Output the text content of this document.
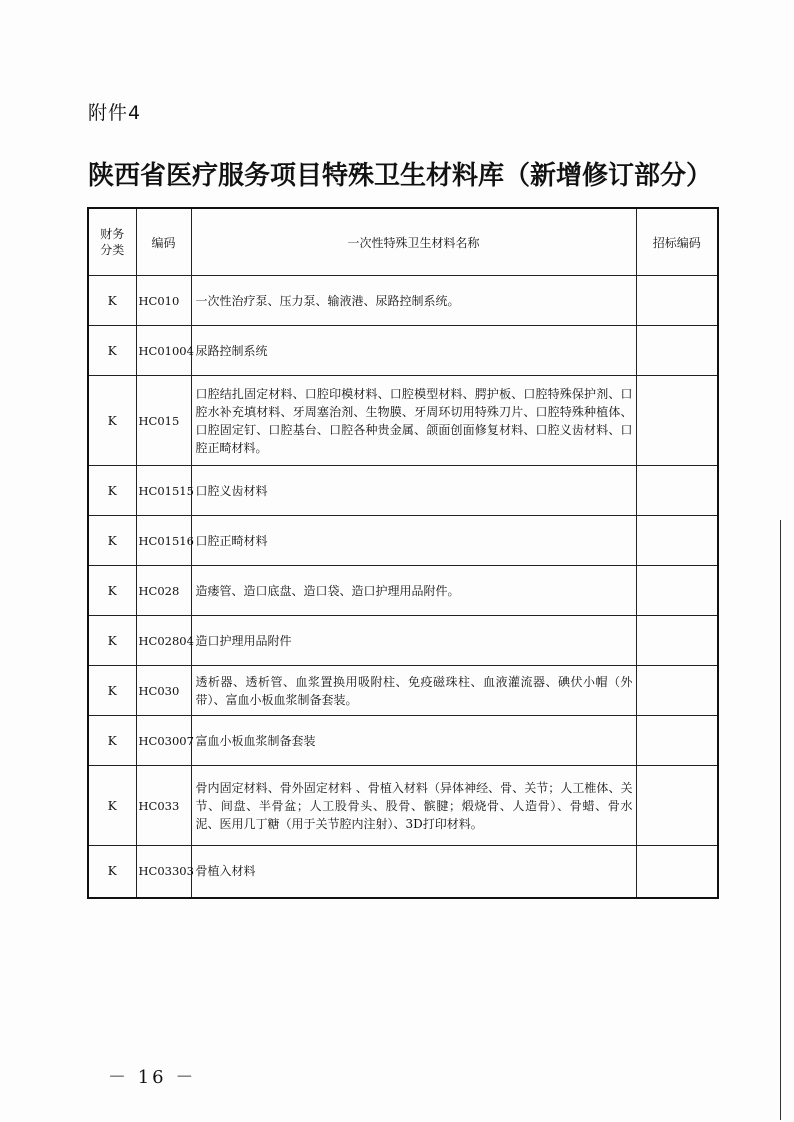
附件4
陕西省医疗服务项目特殊卫生材料库（新增修订部分）
财务
分类	编码	一次性特殊卫生材料名称	招标编码
K	HC010	一次性治疗泵、压力泵、输液港、尿路控制系统。	
K	HC01004	尿路控制系统	
K	HC015	口腔结扎固定材料、口腔印模材料、口腔模型材料、腭护板、口腔特殊保护剂、口腔水补充填材料、牙周塞治剂、生物膜、牙周环切用特殊刀片、口腔特殊种植体、口腔固定钉、口腔基台、口腔各种贵金属、颌面创面修复材料、口腔义齿材料、口腔正畸材料。	
K	HC01515	口腔义齿材料	
K	HC01516	口腔正畸材料	
K	HC028	造瘘管、造口底盘、造口袋、造口护理用品附件。	
K	HC02804	造口护理用品附件	
K	HC030	透析器、透析管、血浆置换用吸附柱、免疫磁珠柱、血液灌流器、碘伏小帽（外带）、富血小板血浆制备套装。	
K	HC03007	富血小板血浆制备套装	
K	HC033	骨内固定材料、骨外固定材料 、骨植入材料（异体神经、骨、关节；人工椎体、关节、间盘、半骨盆；人工股骨头、股骨、髌腱；煅烧骨、人造骨）、骨蜡、骨水泥、医用几丁糖（用于关节腔内注射）、3D打印材料。	
K	HC03303	骨植入材料	
－ 16 －
